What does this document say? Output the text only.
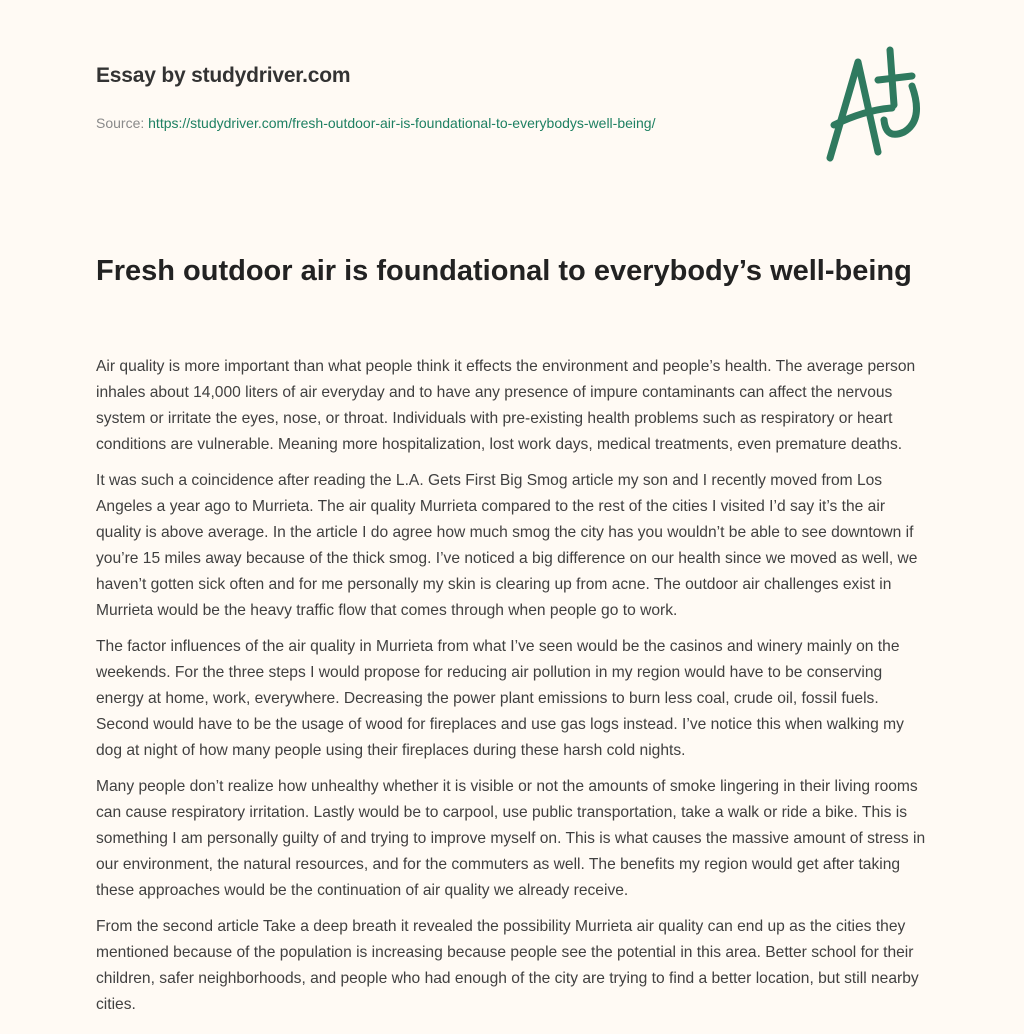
Essay by studydriver.com
Source: https://studydriver.com/fresh-outdoor-air-is-foundational-to-everybodys-well-being/
Fresh outdoor air is foundational to everybody’s well-being

Air quality is more important than what people think it effects the environment and people’s health. The average person inhales about 14,000 liters of air everyday and to have any presence of impure contaminants can affect the nervous system or irritate the eyes, nose, or throat. Individuals with pre-existing health problems such as respiratory or heart conditions are vulnerable. Meaning more hospitalization, lost work days, medical treatments, even premature deaths.

It was such a coincidence after reading the L.A. Gets First Big Smog article my son and I recently moved from Los Angeles a year ago to Murrieta. The air quality Murrieta compared to the rest of the cities I visited I’d say it’s the air quality is above average. In the article I do agree how much smog the city has you wouldn’t be able to see downtown if you’re 15 miles away because of the thick smog. I’ve noticed a big difference on our health since we moved as well, we haven’t gotten sick often and for me personally my skin is clearing up from acne. The outdoor air challenges exist in Murrieta would be the heavy traffic flow that comes through when people go to work.

The factor influences of the air quality in Murrieta from what I’ve seen would be the casinos and winery mainly on the weekends. For the three steps I would propose for reducing air pollution in my region would have to be conserving energy at home, work, everywhere. Decreasing the power plant emissions to burn less coal, crude oil, fossil fuels. Second would have to be the usage of wood for fireplaces and use gas logs instead. I’ve notice this when walking my dog at night of how many people using their fireplaces during these harsh cold nights.

Many people don’t realize how unhealthy whether it is visible or not the amounts of smoke lingering in their living rooms can cause respiratory irritation. Lastly would be to carpool, use public transportation, take a walk or ride a bike. This is something I am personally guilty of and trying to improve myself on. This is what causes the massive amount of stress in our environment, the natural resources, and for the commuters as well. The benefits my region would get after taking these approaches would be the continuation of air quality we already receive.

From the second article Take a deep breath it revealed the possibility Murrieta air quality can end up as the cities they mentioned because of the population is increasing because people see the potential in this area. Better school for their children, safer neighborhoods, and people who had enough of the city are trying to find a better location, but still nearby cities.
